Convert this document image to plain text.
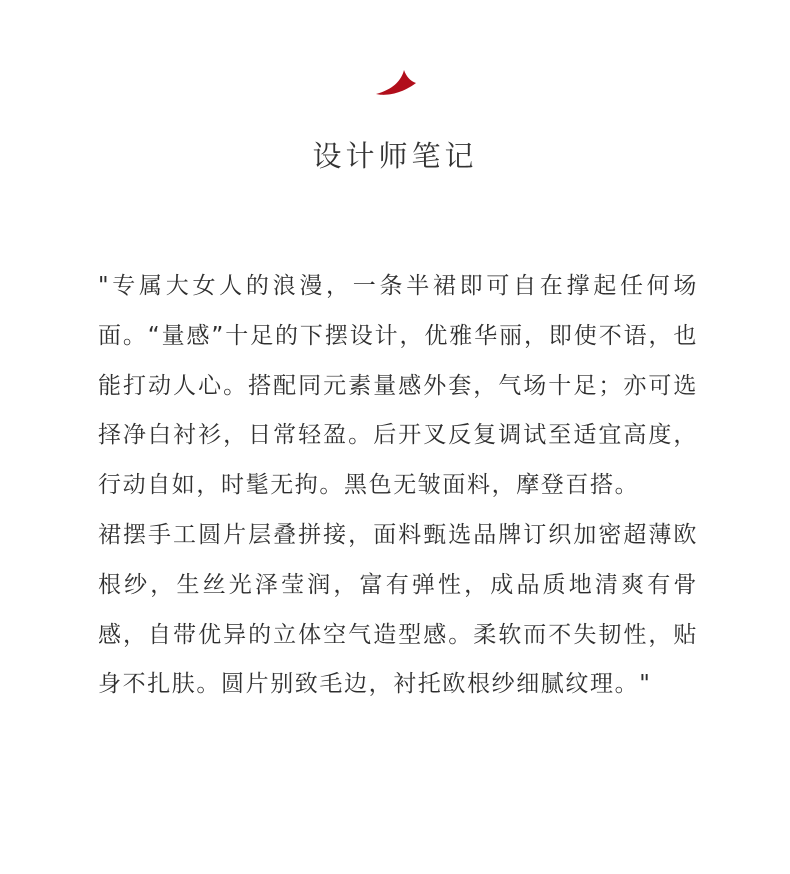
设计师笔记

"专属大女人的浪漫，一条半裙即可自在撑起任何场面。“量感”十足的下摆设计，优雅华丽，即使不语，也能打动人心。搭配同元素量感外套，气场十足；亦可选择净白衬衫，日常轻盈。后开叉反复调试至适宜高度，行动自如，时髦无拘。黑色无皱面料，摩登百搭。

裙摆手工圆片层叠拼接，面料甄选品牌订织加密超薄欧根纱，生丝光泽莹润，富有弹性，成品质地清爽有骨感，自带优异的立体空气造型感。柔软而不失韧性，贴身不扎肤。圆片别致毛边，衬托欧根纱细腻纹理。"
